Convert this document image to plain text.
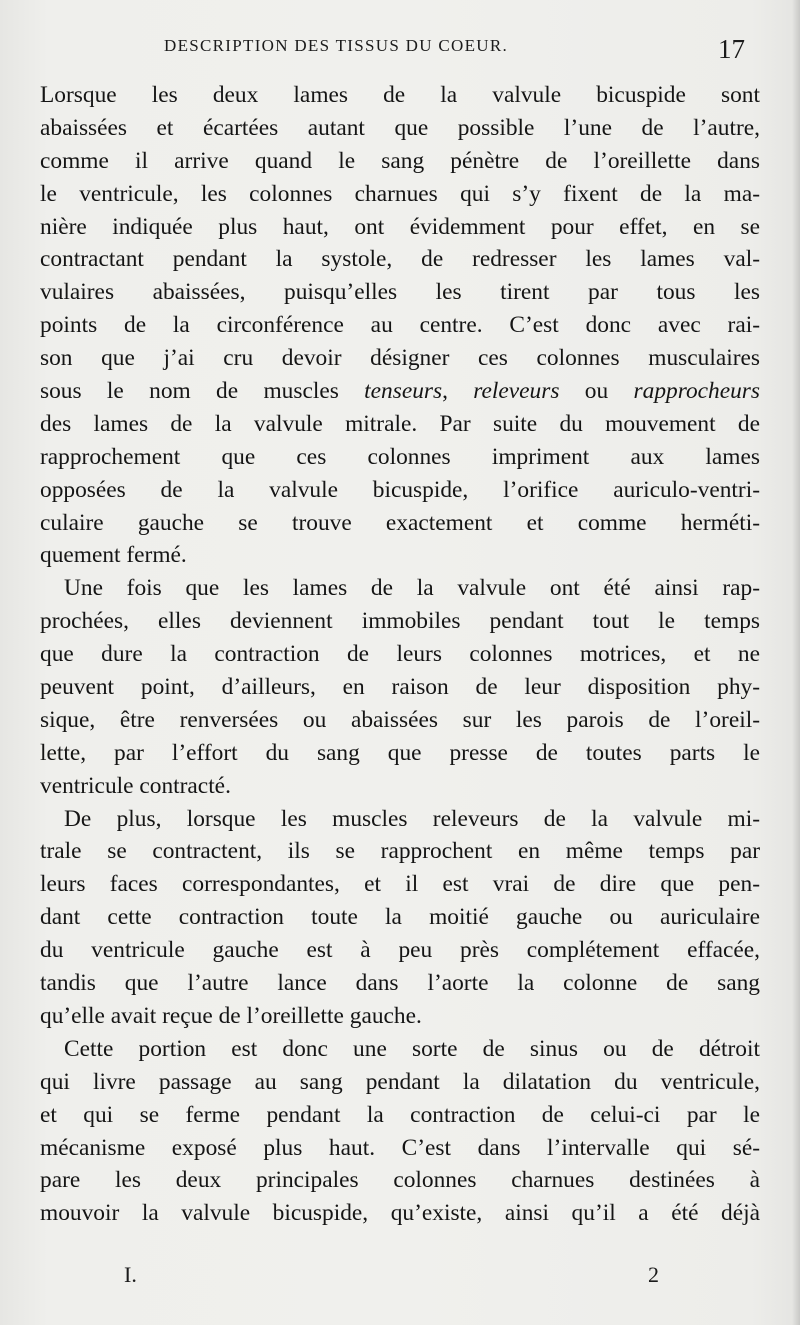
DESCRIPTION DES TISSUS DU COEUR.	17
Lorsque les deux lames de la valvule bicuspide sont
abaissées et écartées autant que possible l’une de l’autre,
comme il arrive quand le sang pénètre de l’oreillette dans
le ventricule, les colonnes charnues qui s’y fixent de la ma-
nière indiquée plus haut, ont évidemment pour effet, en se
contractant pendant la systole, de redresser les lames val-
vulaires abaissées, puisqu’elles les tirent par tous les
points de la circonférence au centre. C’est donc avec rai-
son que j’ai cru devoir désigner ces colonnes musculaires
sous le nom de muscles tenseurs, releveurs ou rapprocheurs
des lames de la valvule mitrale. Par suite du mouvement de
rapprochement que ces colonnes impriment aux lames
opposées de la valvule bicuspide, l’orifice auriculo-ventri-
culaire gauche se trouve exactement et comme herméti-
quement fermé.
Une fois que les lames de la valvule ont été ainsi rap-
prochées, elles deviennent immobiles pendant tout le temps
que dure la contraction de leurs colonnes motrices, et ne
peuvent point, d’ailleurs, en raison de leur disposition phy-
sique, être renversées ou abaissées sur les parois de l’oreil-
lette, par l’effort du sang que presse de toutes parts le
ventricule contracté.
De plus, lorsque les muscles releveurs de la valvule mi-
trale se contractent, ils se rapprochent en même temps par
leurs faces correspondantes, et il est vrai de dire que pen-
dant cette contraction toute la moitié gauche ou auriculaire
du ventricule gauche est à peu près complétement effacée,
tandis que l’autre lance dans l’aorte la colonne de sang
qu’elle avait reçue de l’oreillette gauche.
Cette portion est donc une sorte de sinus ou de détroit
qui livre passage au sang pendant la dilatation du ventricule,
et qui se ferme pendant la contraction de celui-ci par le
mécanisme exposé plus haut. C’est dans l’intervalle qui sé-
pare les deux principales colonnes charnues destinées à
mouvoir la valvule bicuspide, qu’existe, ainsi qu’il a été déjà
I.	2
